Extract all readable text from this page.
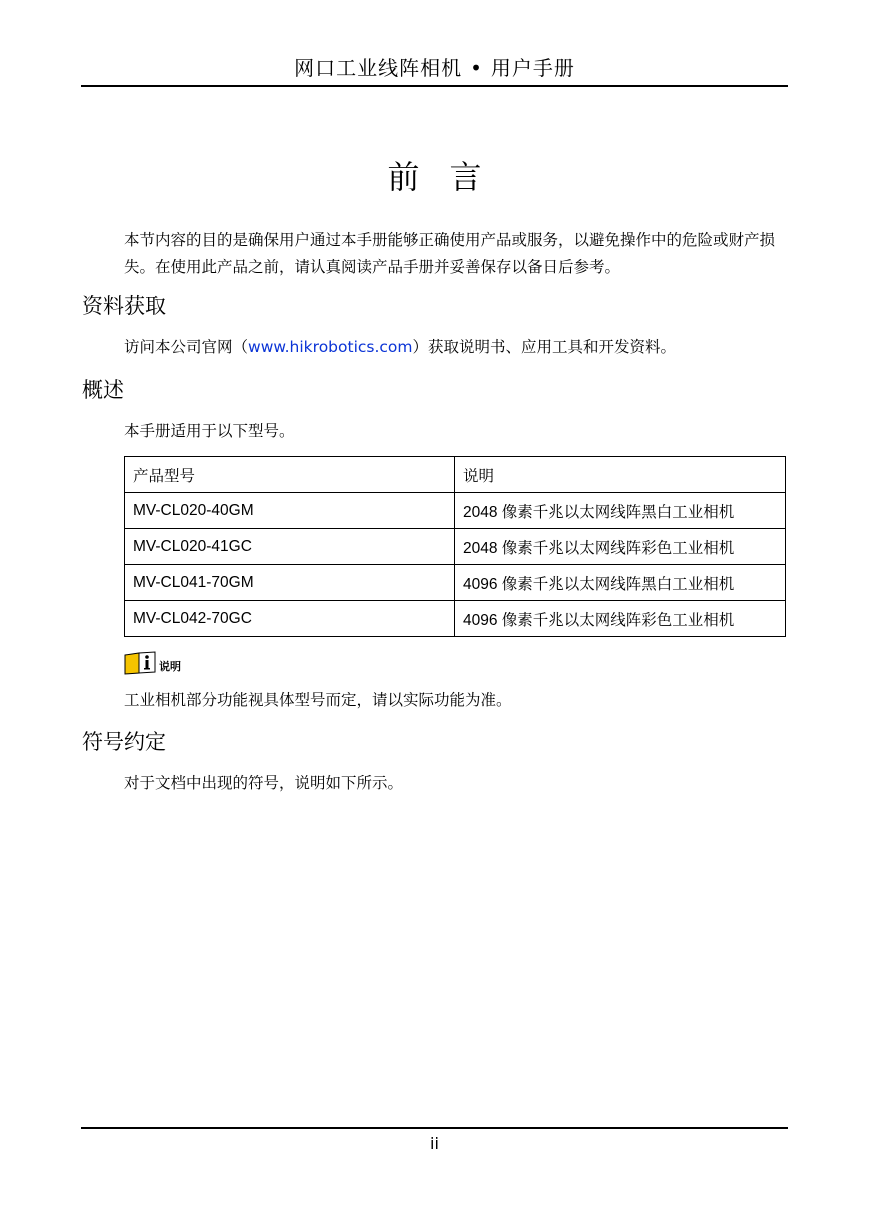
网口工业线阵相机 • 用户手册
前言
本节内容的目的是确保用户通过本手册能够正确使用产品或服务，以避免操作中的危险或财产损失。在使用此产品之前，请认真阅读产品手册并妥善保存以备日后参考。
资料获取
访问本公司官网（www.hikrobotics.com）获取说明书、应用工具和开发资料。
概述
本手册适用于以下型号。
产品型号	说明
MV-CL020-40GM	2048 像素千兆以太网线阵黑白工业相机
MV-CL020-41GC	2048 像素千兆以太网线阵彩色工业相机
MV-CL041-70GM	4096 像素千兆以太网线阵黑白工业相机
MV-CL042-70GC	4096 像素千兆以太网线阵彩色工业相机
说明
工业相机部分功能视具体型号而定，请以实际功能为准。
符号约定
对于文档中出现的符号，说明如下所示。
ii
